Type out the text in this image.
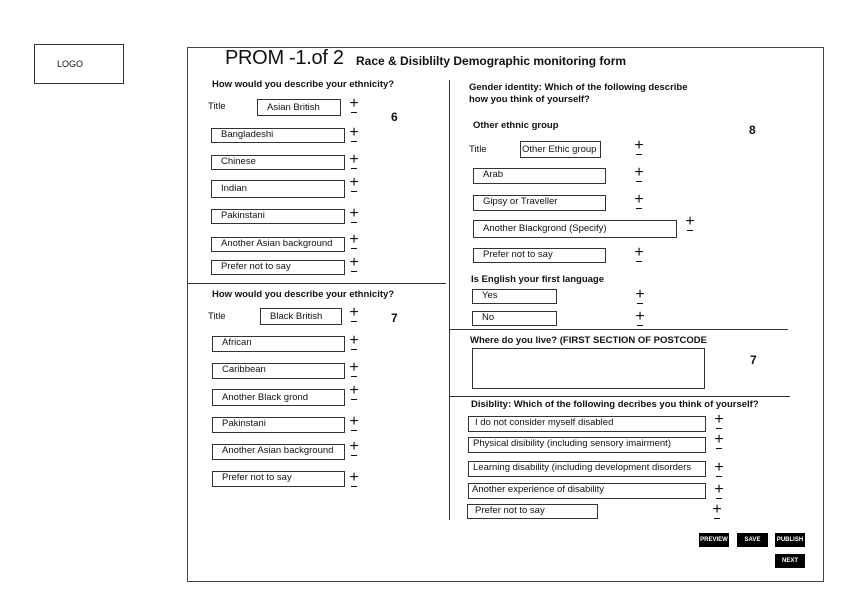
LOGO	PROM -1.of 2 Race & Disiblilty Demographic monitoring form
How would you describe your ethnicity?
Title	Asian British	+
6
Bangladeshi	+
Chinese	+
Indian	+
Pakinstani	+
Another Asian background	+
Prefer not to say	+
How would you describe your ethnicity?
Title	Black British	+	7
African	+
Caribbean	+
Another Black grond	+
Pakinstani	+
Another Asian background +
Prefer not to say	+
Gender identity: Which of the following describe
how you think of yourself?
Other ethnic group	8
Title	Other Ethic group +
Arab	+
Gipsy or Traveller	+
Another Blackgrond (Specify)	+
Prefer not to say	+
Is English your first language
Yes	+
No	+
Where do you live? (FIRST SECTION OF POSTCODE
7
Disiblity: Which of the following decribes you think of yourself?
I do not consider myself disabled	+
Physical disibility (including sensory imairment)	+
Learning disability (including development disorders	+
Another experience of disability	+
Prefer not to say	+
PREVIEW	SAVE	PUBLISH
NEXT
